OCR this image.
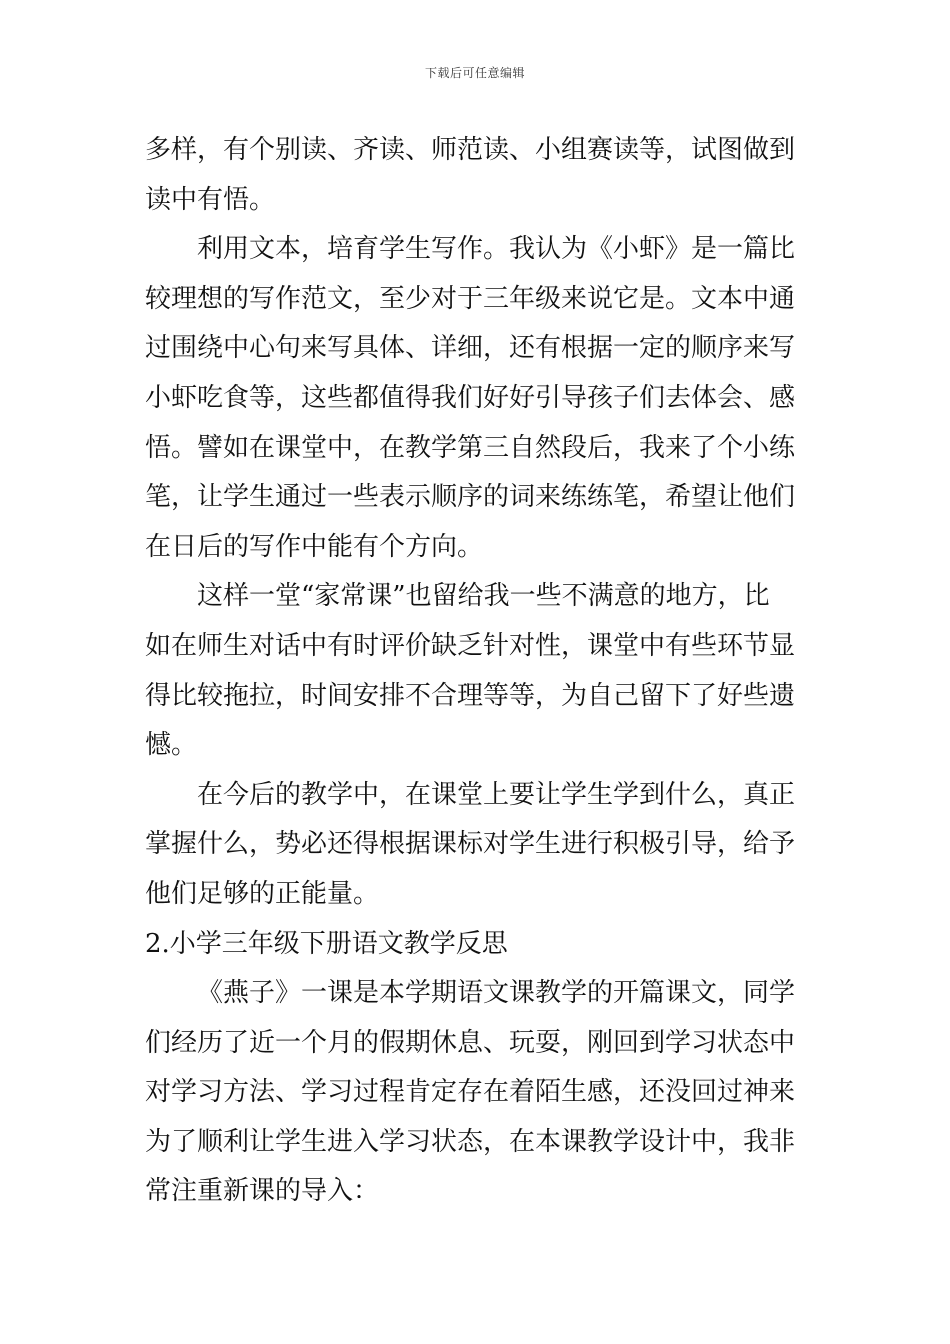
下载后可任意编辑
多样，有个别读、齐读、师范读、小组赛读等，试图做到
读中有悟。
利用文本，培育学生写作。我认为《小虾》是一篇比
较理想的写作范文，至少对于三年级来说它是。文本中通
过围绕中心句来写具体、详细，还有根据一定的顺序来写
小虾吃食等，这些都值得我们好好引导孩子们去体会、感
悟。譬如在课堂中，在教学第三自然段后，我来了个小练
笔，让学生通过一些表示顺序的词来练练笔，希望让他们
在日后的写作中能有个方向。
这样一堂“家常课”也留给我一些不满意的地方，比
如在师生对话中有时评价缺乏针对性，课堂中有些环节显
得比较拖拉，时间安排不合理等等，为自己留下了好些遗
憾。
在今后的教学中，在课堂上要让学生学到什么，真正
掌握什么，势必还得根据课标对学生进行积极引导，给予
他们足够的正能量。
2.小学三年级下册语文教学反思
《燕子》一课是本学期语文课教学的开篇课文，同学
们经历了近一个月的假期休息、玩耍，刚回到学习状态中
对学习方法、学习过程肯定存在着陌生感，还没回过神来
为了顺利让学生进入学习状态，在本课教学设计中，我非
常注重新课的导入：
